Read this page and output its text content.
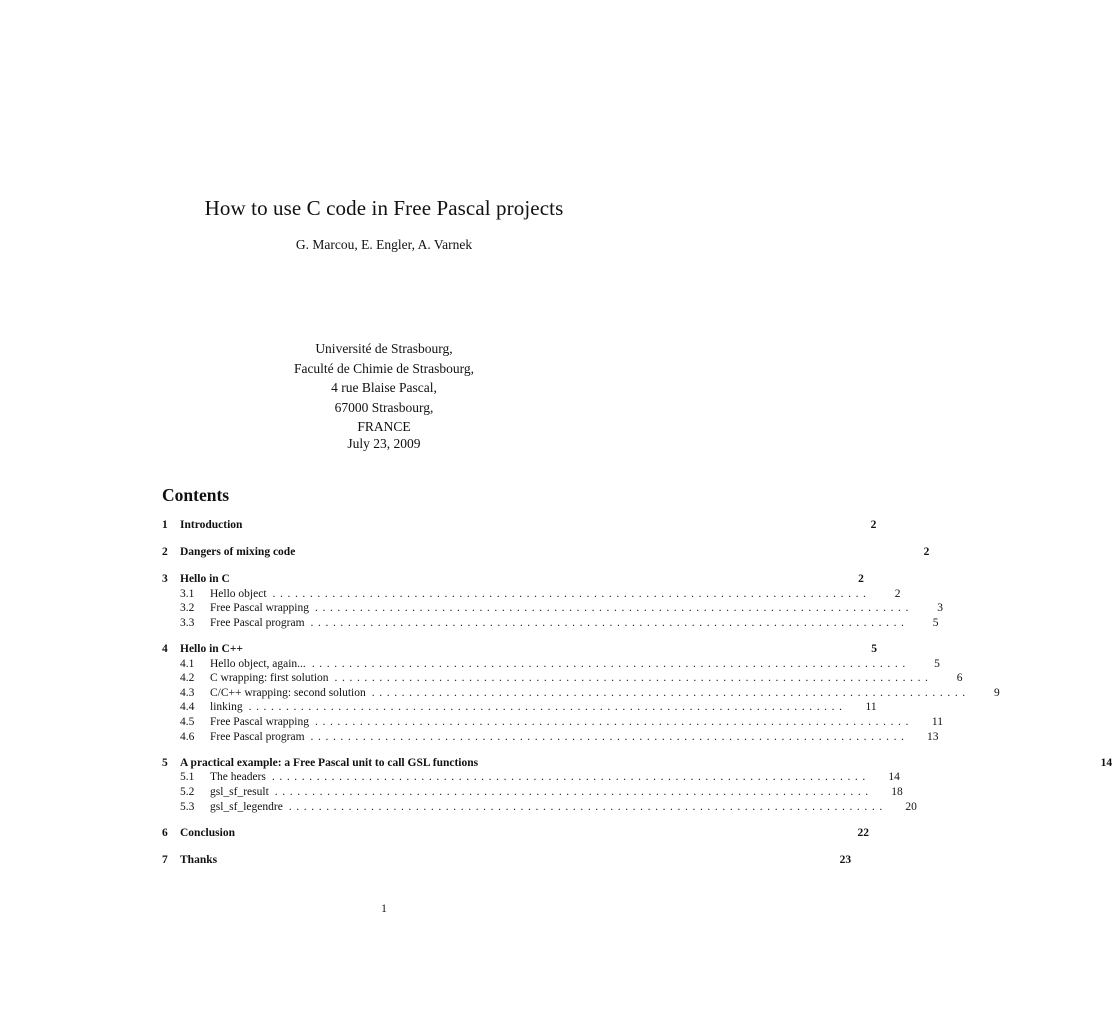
How to use C code in Free Pascal projects
G. Marcou, E. Engler, A. Varnek
Université de Strasbourg,
Faculté de Chimie de Strasbourg,
4 rue Blaise Pascal,
67000 Strasbourg,
FRANCE
July 23, 2009
Contents
1	Introduction	2
2	Dangers of mixing code	2
3	Hello in C	2
3.1	Hello object ................................................................................	2
3.2	Free Pascal wrapping ................................................................................	3
3.3	Free Pascal program ................................................................................	5
4	Hello in C++	5
4.1	Hello object, again... ................................................................................	5
4.2	C wrapping: first solution ................................................................................	6
4.3	C/C++ wrapping: second solution ................................................................................	9
4.4	linking ................................................................................	11
4.5	Free Pascal wrapping ................................................................................	11
4.6	Free Pascal program ................................................................................	13
5	A practical example: a Free Pascal unit to call GSL functions	14
5.1	The headers ................................................................................	14
5.2	gsl_sf_result ................................................................................	18
5.3	gsl_sf_legendre ................................................................................	20
6	Conclusion	22
7	Thanks	23
1
